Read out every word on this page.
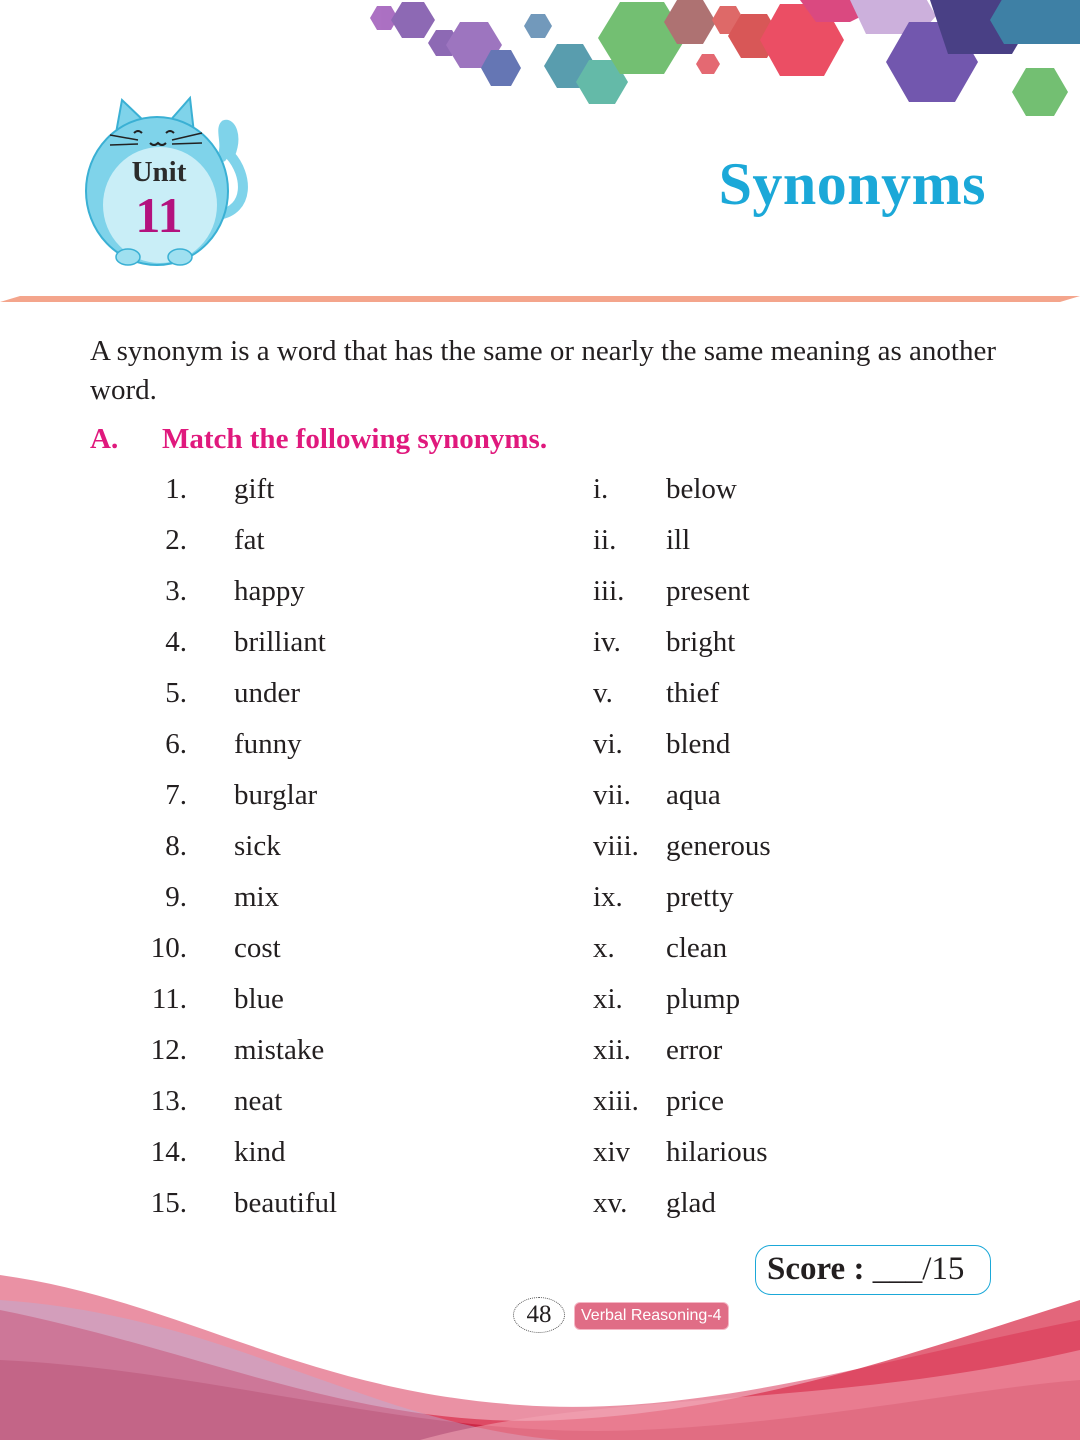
Unit
11	Synonyms
A synonym is a word that has the same or nearly the same meaning as another word.
A. Match the following synonyms.
1. gift	i. below
2. fat	ii. ill
3. happy	iii. present
4. brilliant	iv. bright
5. under	v. thief
6. funny	vi. blend
7. burglar	vii. aqua
8. sick	viii. generous
9. mix	ix. pretty
10. cost	x. clean
11. blue	xi. plump
12. mistake	xii. error
13. neat	xiii. price
14. kind	xiv hilarious
15. beautiful	xv. glad
Score : ___/15
48	Verbal Reasoning-4
